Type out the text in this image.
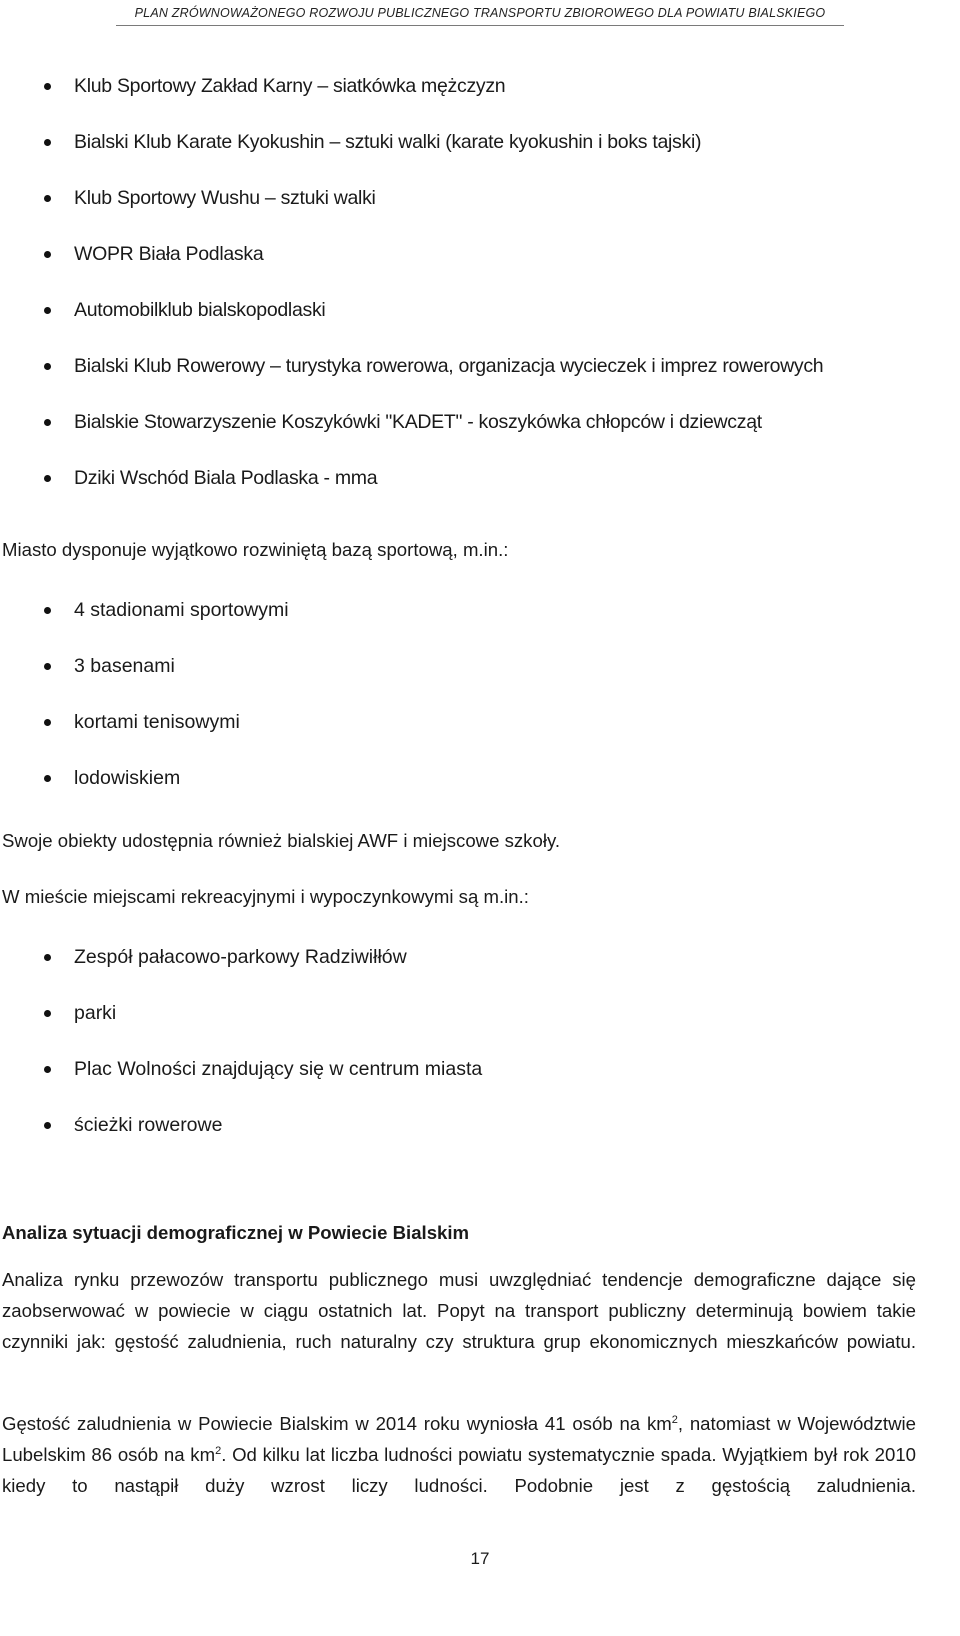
PLAN ZRÓWNOWAŻONEGO ROZWOJU PUBLICZNEGO TRANSPORTU ZBIOROWEGO DLA POWIATU BIALSKIEGO
Klub Sportowy Zakład Karny – siatkówka mężczyzn
Bialski Klub Karate Kyokushin – sztuki walki (karate kyokushin i boks tajski)
Klub Sportowy Wushu – sztuki walki
WOPR Biała Podlaska
Automobilklub bialskopodlaski
Bialski Klub Rowerowy – turystyka rowerowa, organizacja wycieczek i imprez rowerowych
Bialskie Stowarzyszenie Koszykówki "KADET" - koszykówka chłopców i dziewcząt
Dziki Wschód Biala Podlaska - mma

Miasto dysponuje wyjątkowo rozwiniętą bazą sportową, m.in.:

4 stadionami sportowymi
3 basenami
kortami tenisowymi
lodowiskiem

Swoje obiekty udostępnia również bialskiej AWF i miejscowe szkoły.

W mieście miejscami rekreacyjnymi i wypoczynkowymi są m.in.:

Zespół pałacowo-parkowy Radziwiłłów
parki
Plac Wolności znajdujący się w centrum miasta
ścieżki rowerowe
Analiza sytuacji demograficznej w Powiecie Bialskim

Analiza rynku przewozów transportu publicznego musi uwzględniać tendencje demograficzne dające się zaobserwować w powiecie w ciągu ostatnich lat. Popyt na transport publiczny determinują bowiem takie czynniki jak: gęstość zaludnienia, ruch naturalny czy struktura grup ekonomicznych mieszkańców powiatu.

Gęstość zaludnienia w Powiecie Bialskim w 2014 roku wyniosła 41 osób na $km^2$, natomiast w Województwie Lubelskim 86 osób na $km^2$. Od kilku lat liczba ludności powiatu systematycznie spada. Wyjątkiem był rok 2010 kiedy to nastąpił duży wzrost liczy ludności. Podobnie jest z gęstością zaludnienia.

17
